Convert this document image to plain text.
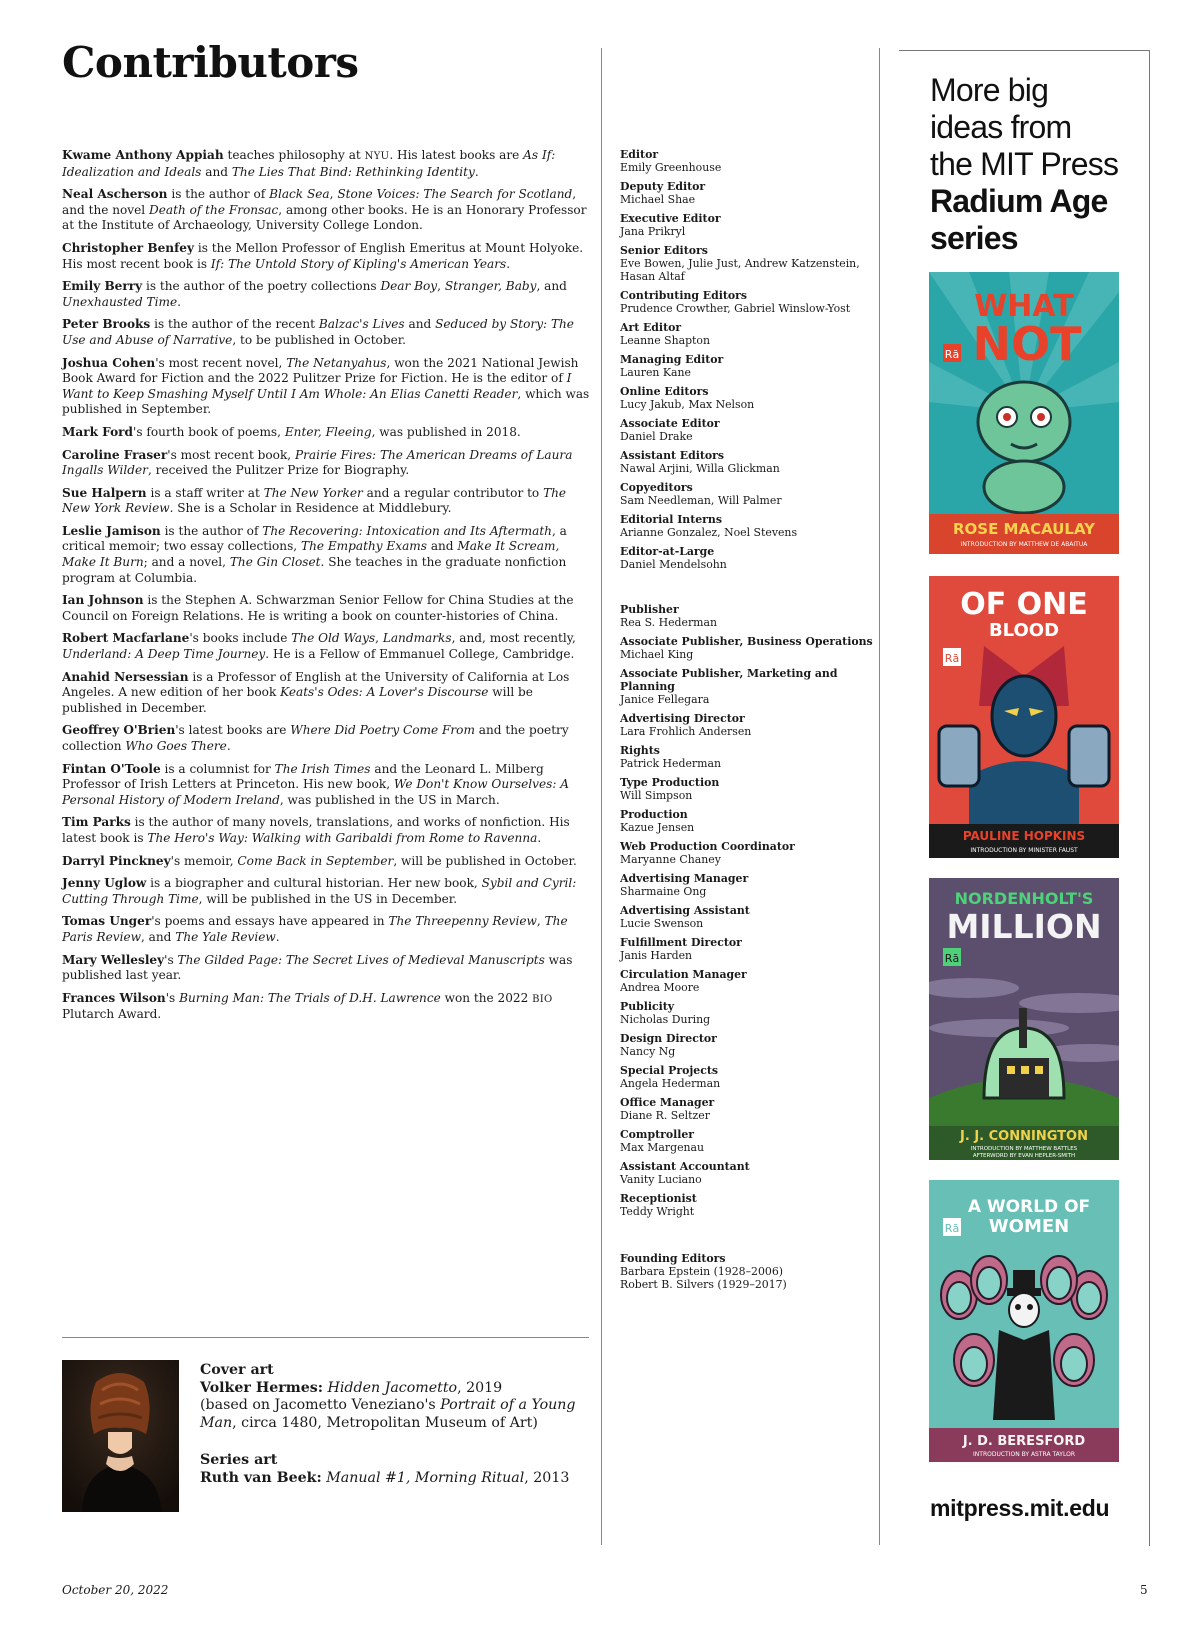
Contributors

Kwame Anthony Appiah teaches philosophy at NYU. His latest books are As If: Idealization and Ideals and The Lies That Bind: Rethinking Identity.

Neal Ascherson is the author of Black Sea, Stone Voices: The Search for Scotland, and the novel Death of the Fronsac, among other books. He is an Honorary Professor at the Institute of Archaeology, University College London.

Christopher Benfey is the Mellon Professor of English Emeritus at Mount Holyoke. His most recent book is If: The Untold Story of Kipling's American Years.

Emily Berry is the author of the poetry collections Dear Boy, Stranger, Baby, and Unexhausted Time.

Peter Brooks is the author of the recent Balzac's Lives and Seduced by Story: The Use and Abuse of Narrative, to be published in October.

Joshua Cohen's most recent novel, The Netanyahus, won the 2021 National Jewish Book Award for Fiction and the 2022 Pulitzer Prize for Fiction. He is the editor of I Want to Keep Smashing Myself Until I Am Whole: An Elias Canetti Reader, which was published in September.

Mark Ford's fourth book of poems, Enter, Fleeing, was published in 2018.

Caroline Fraser's most recent book, Prairie Fires: The American Dreams of Laura Ingalls Wilder, received the Pulitzer Prize for Biography.

Sue Halpern is a staff writer at The New Yorker and a regular contributor to The New York Review. She is a Scholar in Residence at Middlebury.

Leslie Jamison is the author of The Recovering: Intoxication and Its Aftermath, a critical memoir; two essay collections, The Empathy Exams and Make It Scream, Make It Burn; and a novel, The Gin Closet. She teaches in the graduate nonfiction program at Columbia.

Ian Johnson is the Stephen A. Schwarzman Senior Fellow for China Studies at the Council on Foreign Relations. He is writing a book on counter-histories of China.

Robert Macfarlane's books include The Old Ways, Landmarks, and, most recently, Underland: A Deep Time Journey. He is a Fellow of Emmanuel College, Cambridge.

Anahid Nersessian is a Professor of English at the University of California at Los Angeles. A new edition of her book Keats's Odes: A Lover's Discourse will be published in December.

Geoffrey O'Brien's latest books are Where Did Poetry Come From and the poetry collection Who Goes There.

Fintan O'Toole is a columnist for The Irish Times and the Leonard L. Milberg Professor of Irish Letters at Princeton. His new book, We Don't Know Ourselves: A Personal History of Modern Ireland, was published in the US in March.

Tim Parks is the author of many novels, translations, and works of nonfiction. His latest book is The Hero's Way: Walking with Garibaldi from Rome to Ravenna.

Darryl Pinckney's memoir, Come Back in September, will be published in October.

Jenny Uglow is a biographer and cultural historian. Her new book, Sybil and Cyril: Cutting Through Time, will be published in the US in December.

Tomas Unger's poems and essays have appeared in The Threepenny Review, The Paris Review, and The Yale Review.

Mary Wellesley's The Gilded Page: The Secret Lives of Medieval Manuscripts was published last year.

Frances Wilson's Burning Man: The Trials of D.H. Lawrence won the 2022 BIO Plutarch Award.

Editor
Emily Greenhouse
Deputy Editor
Michael Shae
Executive Editor
Jana Prikryl
Senior Editors
Eve Bowen, Julie Just, Andrew Katzenstein, Hasan Altaf
Contributing Editors
Prudence Crowther, Gabriel Winslow-Yost
Art Editor
Leanne Shapton
Managing Editor
Lauren Kane
Online Editors
Lucy Jakub, Max Nelson
Associate Editor
Daniel Drake
Assistant Editors
Nawal Arjini, Willa Glickman
Copyeditors
Sam Needleman, Will Palmer
Editorial Interns
Arianne Gonzalez, Noel Stevens
Editor-at-Large
Daniel Mendelsohn
Publisher
Rea S. Hederman
Associate Publisher, Business Operations
Michael King
Associate Publisher, Marketing and Planning
Janice Fellegara
Advertising Director
Lara Frohlich Andersen
Rights
Patrick Hederman
Type Production
Will Simpson
Production
Kazue Jensen
Web Production Coordinator
Maryanne Chaney
Advertising Manager
Sharmaine Ong
Advertising Assistant
Lucie Swenson
Fulfillment Director
Janis Harden
Circulation Manager
Andrea Moore
Publicity
Nicholas During
Design Director
Nancy Ng
Special Projects
Angela Hederman
Office Manager
Diane R. Seltzer
Comptroller
Max Margenau
Assistant Accountant
Vanity Luciano
Receptionist
Teddy Wright
Founding Editors
Barbara Epstein (1928–2006)
Robert B. Silvers (1929–2017)

Cover art

Volker Hermes: Hidden Jacometto, 2019

(based on Jacometto Veneziano's Portrait of a Young Man, circa 1480, Metropolitan Museum of Art)

Series art

Ruth van Beek: Manual #1, Morning Ritual, 2013

More big
ideas from
the MIT Press
Radium Age
series
WHAT
NOT
Rā
ROSE MACAULAY
INTRODUCTION BY MATTHEW DE ABAITUA
OF ONE
BLOOD
Rā
PAULINE HOPKINS
INTRODUCTION BY MINISTER FAUST
NORDENHOLT'S
MILLION
Rā
J. J. CONNINGTON
INTRODUCTION BY MATTHEW BATTLES
AFTERWORD BY EVAN HEPLER-SMITH
A WORLD OF
WOMEN
Rā
J. D. BERESFORD
INTRODUCTION BY ASTRA TAYLOR
mitpress.mit.edu
October 20, 2022	5
